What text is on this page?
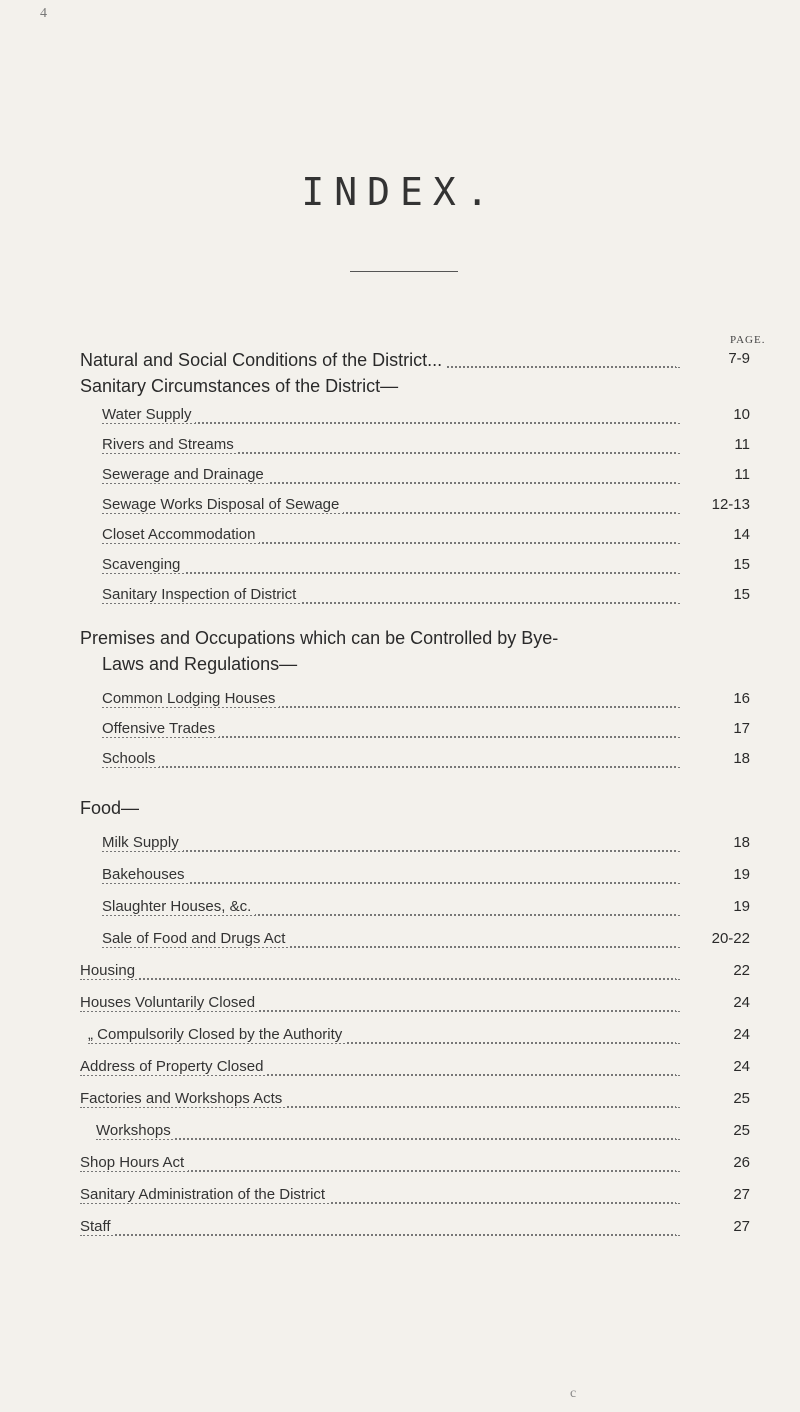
4
INDEX.
PAGE.
Natural and Social Conditions of the District...	7-9
Sanitary Circumstances of the District—
Water Supply	10
Rivers and Streams	11
Sewerage and Drainage	11
Sewage Works Disposal of Sewage	12-13
Closet Accommodation	14
Scavenging	15
Sanitary Inspection of District	15
Premises and Occupations which can be Controlled by Bye-
Laws and Regulations—
Common Lodging Houses	16
Offensive Trades	17
Schools	18
Food—
Milk Supply	18
Bakehouses	19
Slaughter Houses, &c.	19
Sale of Food and Drugs Act	20-22
Housing	22
Houses Voluntarily Closed	24
„ Compulsorily Closed by the Authority	24
Address of Property Closed	24
Factories and Workshops Acts	25
Workshops	25
Shop Hours Act	26
Sanitary Administration of the District	27
Staff	27
c
